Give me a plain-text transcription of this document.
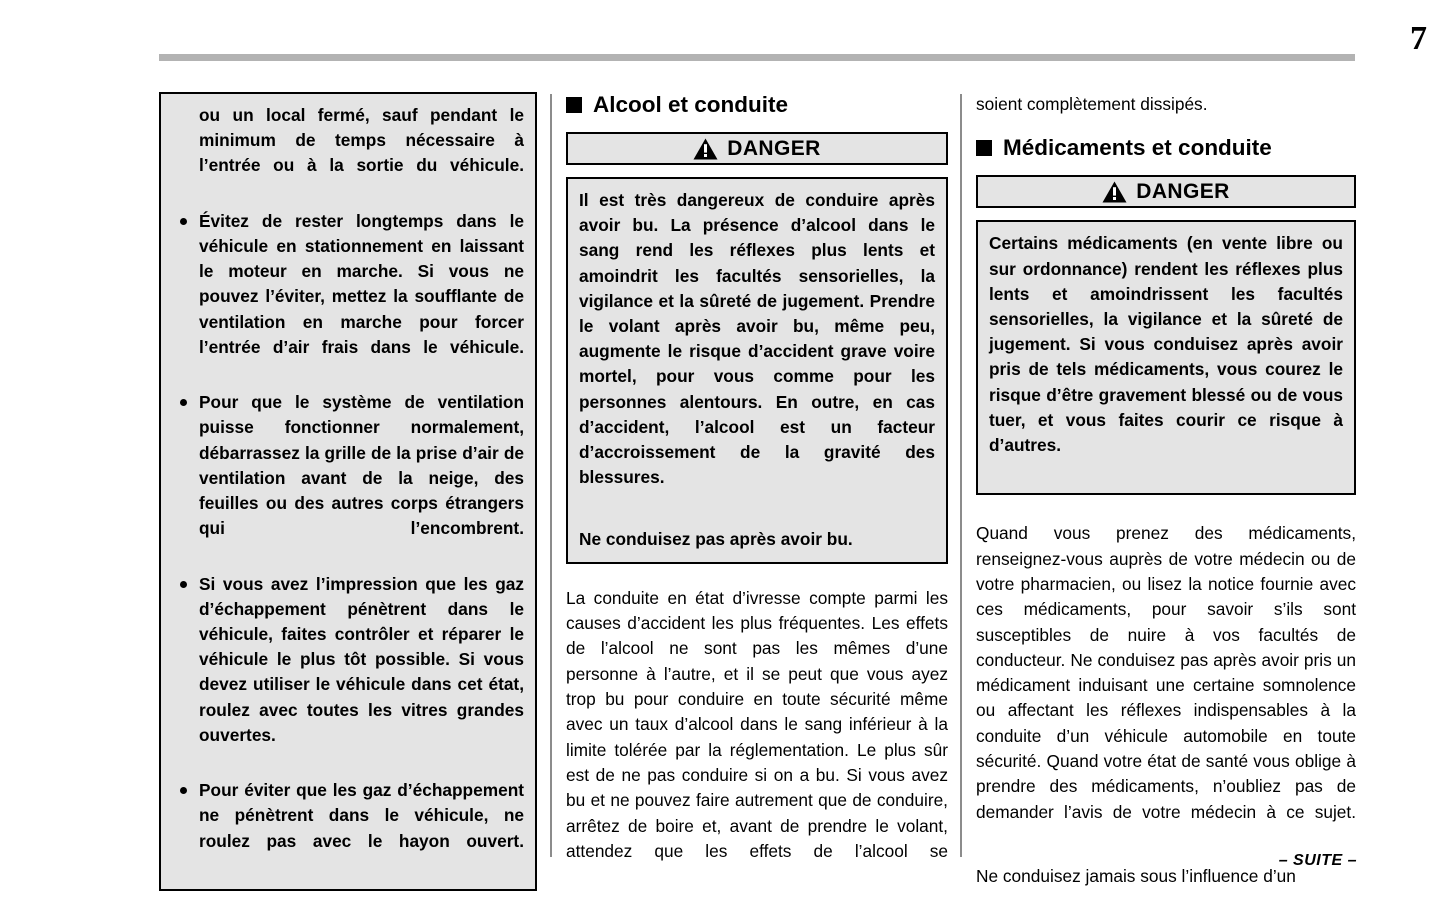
7
ou un local fermé, sauf pendant le minimum de temps nécessaire à l’entrée ou à la sortie du véhicule.
Évitez de rester longtemps dans le véhicule en stationnement en laissant le moteur en marche. Si vous ne pouvez l’éviter, mettez la soufflante de ventilation en marche pour forcer l’entrée d’air frais dans le véhicule.
Pour que le système de ventilation puisse fonctionner normalement, débarrassez la grille de la prise d’air de ventilation avant de la neige, des feuilles ou des autres corps étrangers qui l’encombrent.
Si vous avez l’impression que les gaz d’échappement pénètrent dans le véhicule, faites contrôler et réparer le véhicule le plus tôt possible. Si vous devez utiliser le véhicule dans cet état, roulez avec toutes les vitres grandes ouvertes.
Pour éviter que les gaz d’échappement ne pénètrent dans le véhicule, ne roulez pas avec le hayon ouvert.
Alcool et conduite
DANGER

Il est très dangereux de conduire après avoir bu. La présence d’alcool dans le sang rend les réflexes plus lents et amoindrit les facultés sensorielles, la vigilance et la sûreté de jugement. Prendre le volant après avoir bu, même peu, augmente le risque d’accident grave voire mortel, pour vous comme pour les personnes alentours. En outre, en cas d’accident, l’alcool est un facteur d’accroissement de la gravité des blessures.

Ne conduisez pas après avoir bu.

La conduite en état d’ivresse compte parmi les causes d’accident les plus fréquentes. Les effets de l’alcool ne sont pas les mêmes d’une personne à l’autre, et il se peut que vous ayez trop bu pour conduire en toute sécurité même avec un taux d’alcool dans le sang inférieur à la limite tolérée par la réglementation. Le plus sûr est de ne pas conduire si on a bu. Si vous avez bu et ne pouvez faire autrement que de conduire, arrêtez de boire et, avant de prendre le volant, attendez que les effets de l’alcool se

soient complètement dissipés.

Médicaments et conduite
DANGER

Certains médicaments (en vente libre ou sur ordonnance) rendent les réflexes plus lents et amoindrissent les facultés sensorielles, la vigilance et la sûreté de jugement. Si vous conduisez après avoir pris de tels médicaments, vous courez le risque d’être gravement blessé ou de vous tuer, et vous faites courir ce risque à d’autres.

Quand vous prenez des médicaments, renseignez-vous auprès de votre médecin ou de votre pharmacien, ou lisez la notice fournie avec ces médicaments, pour savoir s’ils sont susceptibles de nuire à vos facultés de conducteur. Ne conduisez pas après avoir pris un médicament induisant une certaine somnolence ou affectant les réflexes indispensables à la conduite d’un véhicule automobile en toute sécurité. Quand votre état de santé vous oblige à prendre des médicaments, n’oubliez pas de demander l’avis de votre médecin à ce sujet.

Ne conduisez jamais sous l’influence d’un

– SUITE –
